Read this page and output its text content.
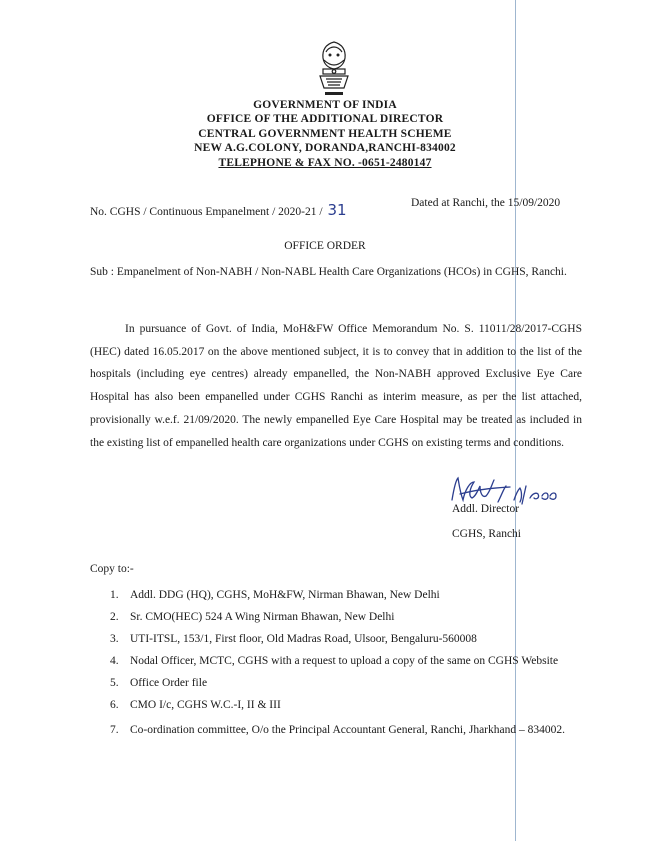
GOVERNMENT OF INDIA
OFFICE OF THE ADDITIONAL DIRECTOR
CENTRAL GOVERNMENT HEALTH SCHEME
NEW A.G.COLONY, DORANDA,RANCHI-834002
TELEPHONE & FAX NO. -0651-2480147
No. CGHS / Continuous Empanelment / 2020-21 / 31	Dated at Ranchi, the 15/09/2020
OFFICE ORDER
Sub : Empanelment of Non-NABH / Non-NABL Health Care Organizations (HCOs) in CGHS, Ranchi.
In pursuance of Govt. of India, MoH&FW Office Memorandum No. S. 11011/28/2017-CGHS (HEC) dated 16.05.2017 on the above mentioned subject, it is to convey that in addition to the list of the hospitals (including eye centres) already empanelled, the Non-NABH approved Exclusive Eye Care Hospital has also been empanelled under CGHS Ranchi as interim measure, as per the list attached, provisionally w.e.f. 21/09/2020. The newly empanelled Eye Care Hospital may be treated as included in the existing list of empanelled health care organizations under CGHS on existing terms and conditions.
Addl. Director
CGHS, Ranchi
Copy to:-
1. Addl. DDG (HQ), CGHS, MoH&FW, Nirman Bhawan, New Delhi
2. Sr. CMO(HEC) 524 A Wing Nirman Bhawan, New Delhi
3. UTI-ITSL, 153/1, First floor, Old Madras Road, Ulsoor, Bengaluru-560008
4. Nodal Officer, MCTC, CGHS with a request to upload a copy of the same on CGHS Website
5. Office Order file
6. CMO I/c, CGHS W.C.-I, II & III
7. Co-ordination committee, O/o the Principal Accountant General, Ranchi, Jharkhand – 834002.
